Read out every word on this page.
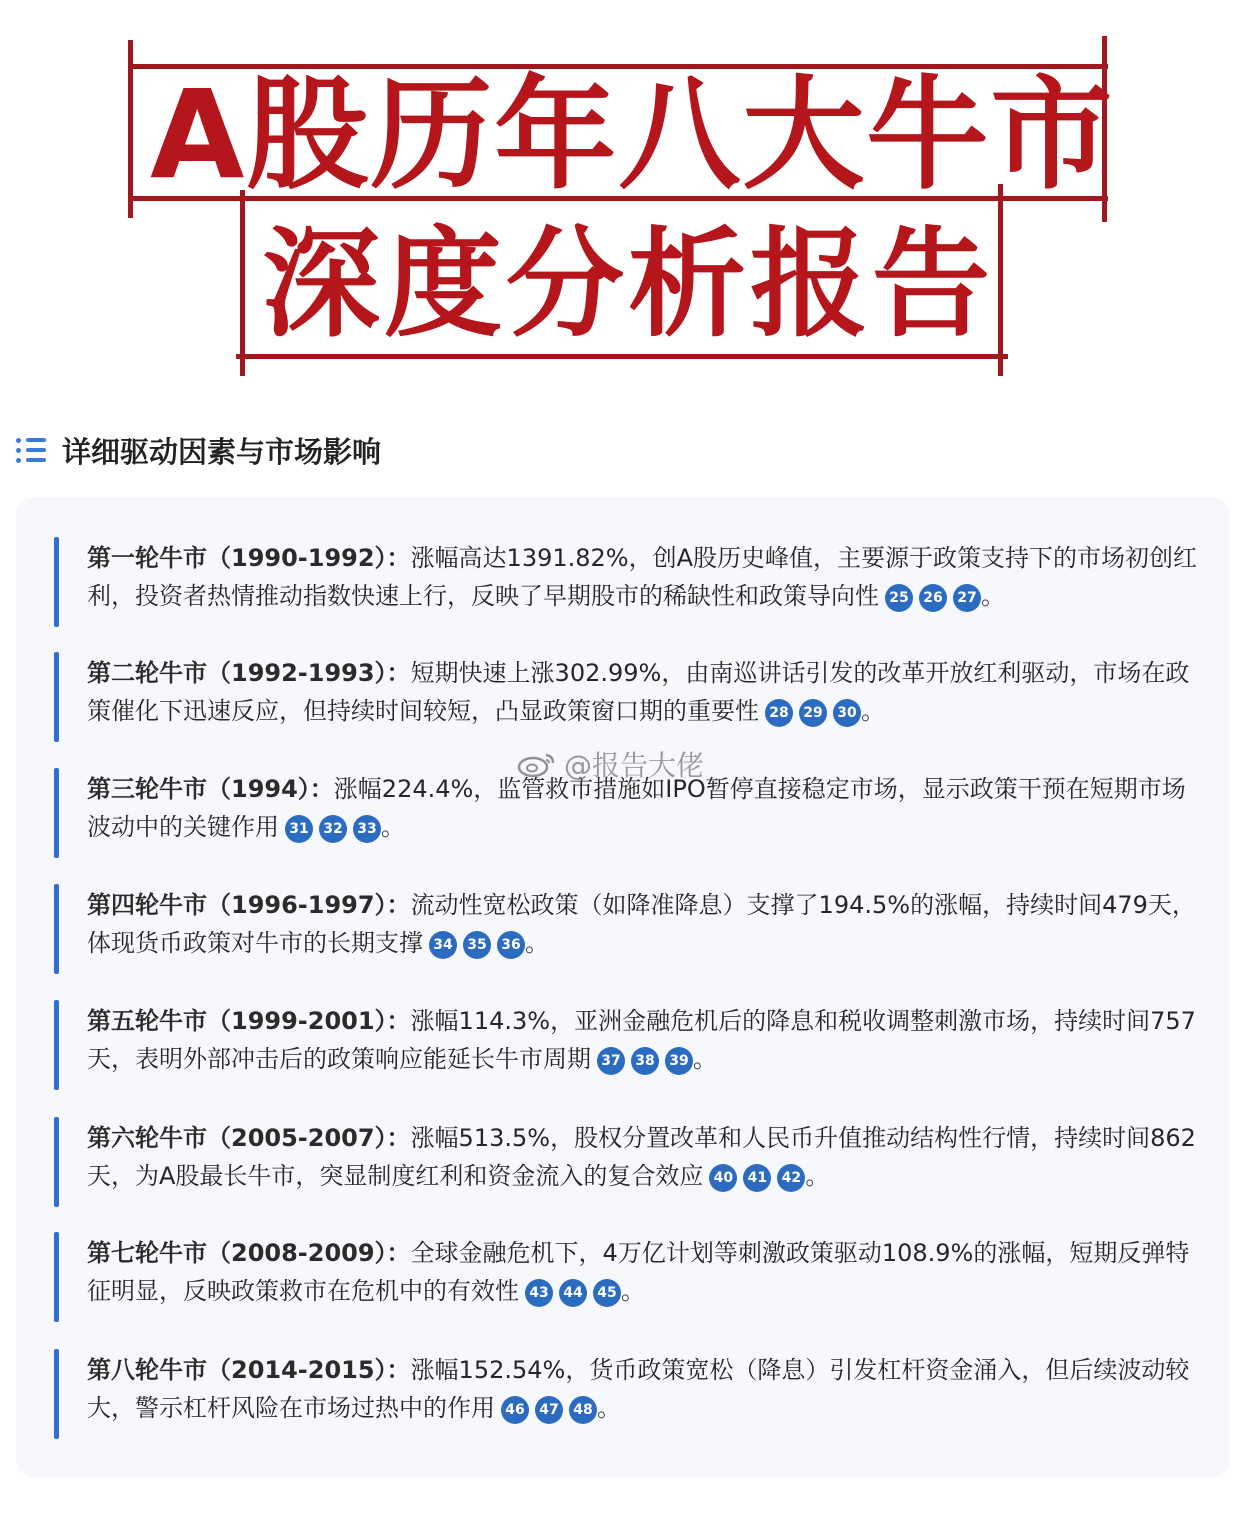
A股历年八大牛市
深度分析报告
详细驱动因素与市场影响
第一轮牛市（1990-1992）：涨幅高达1391.82%，创A股历史峰值，主要源于政策支持下的市场初创红利，投资者热情推动指数快速上行，反映了早期股市的稀缺性和政策导向性 25 26 27 。
第二轮牛市（1992-1993）：短期快速上涨302.99%，由南巡讲话引发的改革开放红利驱动，市场在政策催化下迅速反应，但持续时间较短，凸显政策窗口期的重要性 28 29 30 。
第三轮牛市（1994）：涨幅224.4%，监管救市措施如IPO暂停直接稳定市场，显示政策干预在短期市场波动中的关键作用 31 32 33 。
第四轮牛市（1996-1997）：流动性宽松政策（如降准降息）支撑了194.5%的涨幅，持续时间479天，体现货币政策对牛市的长期支撑 34 35 36 。
第五轮牛市（1999-2001）：涨幅114.3%，亚洲金融危机后的降息和税收调整刺激市场，持续时间757天，表明外部冲击后的政策响应能延长牛市周期 37 38 39 。
第六轮牛市（2005-2007）：涨幅513.5%，股权分置改革和人民币升值推动结构性行情，持续时间862天，为A股最长牛市，突显制度红利和资金流入的复合效应 40 41 42 。
第七轮牛市（2008-2009）：全球金融危机下，4万亿计划等刺激政策驱动108.9%的涨幅，短期反弹特征明显，反映政策救市在危机中的有效性 43 44 45 。
第八轮牛市（2014-2015）：涨幅152.54%，货币政策宽松（降息）引发杠杆资金涌入，但后续波动较大，警示杠杆风险在市场过热中的作用 46 47 48 。
@报告大佬
